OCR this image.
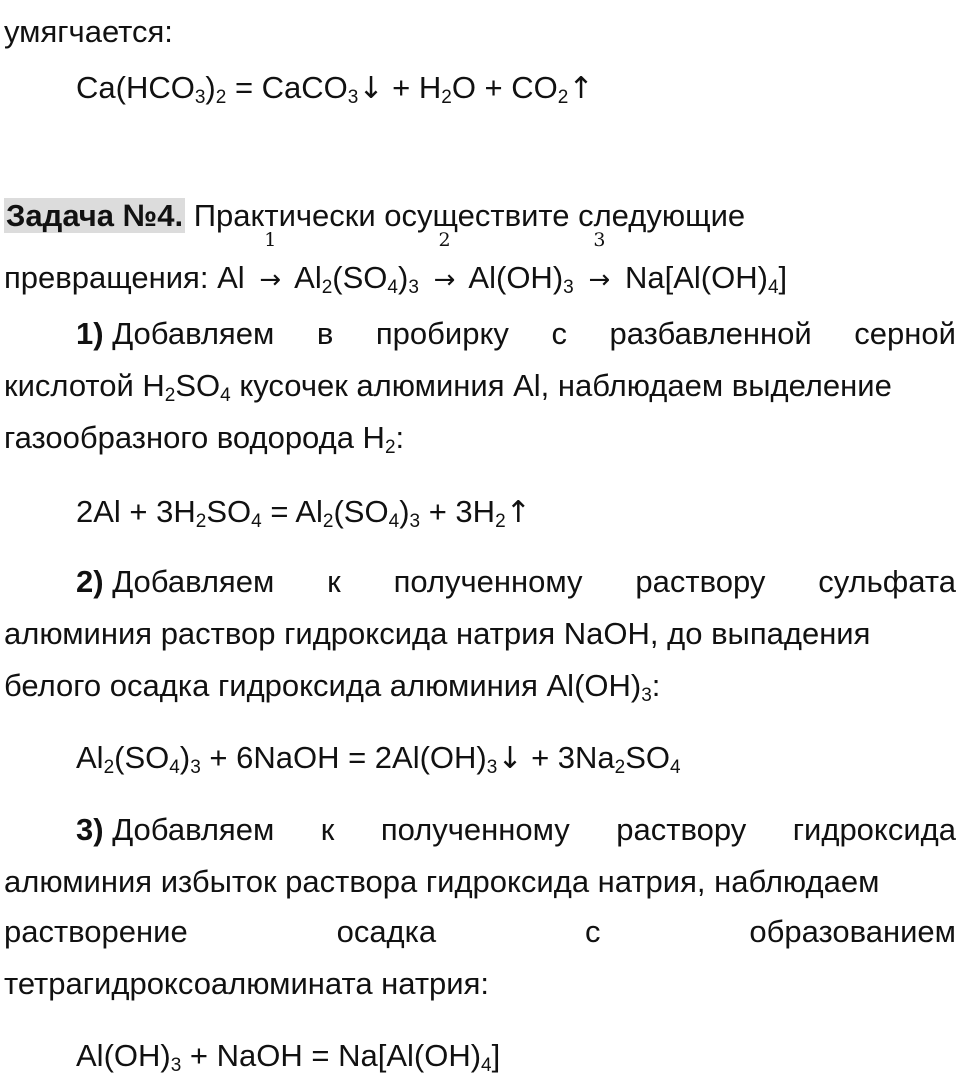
умягчается:
$Ca(HCO_3)_2$ = CaCO$_3$↓ + $H_2O$ + $CO_2↑$
Задача №4. Практически осуществите следующие
превращения: Al
1
→ $Al_2(SO_4)_3$
2
→ $Al(OH)_3$
3
→ $Na[Al(OH)_4]$
1) Добавляем в пробирку с разбавленной серной
кислотой $H_2SO_4$ кусочек алюминия Al, наблюдаем выделение
газообразного водорода $H_2$:
$2Al + 3H_2SO_4 = Al_2(SO_4)_3$ + $3H_2↑$
2) Добавляем к полученному раствору сульфата
алюминия раствор гидроксида натрия NaOH, до выпадения
белого осадка гидроксида алюминия $Al(OH)_3$:
$Al_2(SO_4)_3$ + 6NaOH = $2Al(OH)_3↓ + 3Na_2SO_4$
3) Добавляем к полученному раствору гидроксида
алюминия избыток раствора гидроксида натрия, наблюдаем
растворение	осадка	с	образованием
тетрагидроксоалюмината натрия:
$Al(OH)_3$ + NaOH = $Na[Al(OH)_4]$
